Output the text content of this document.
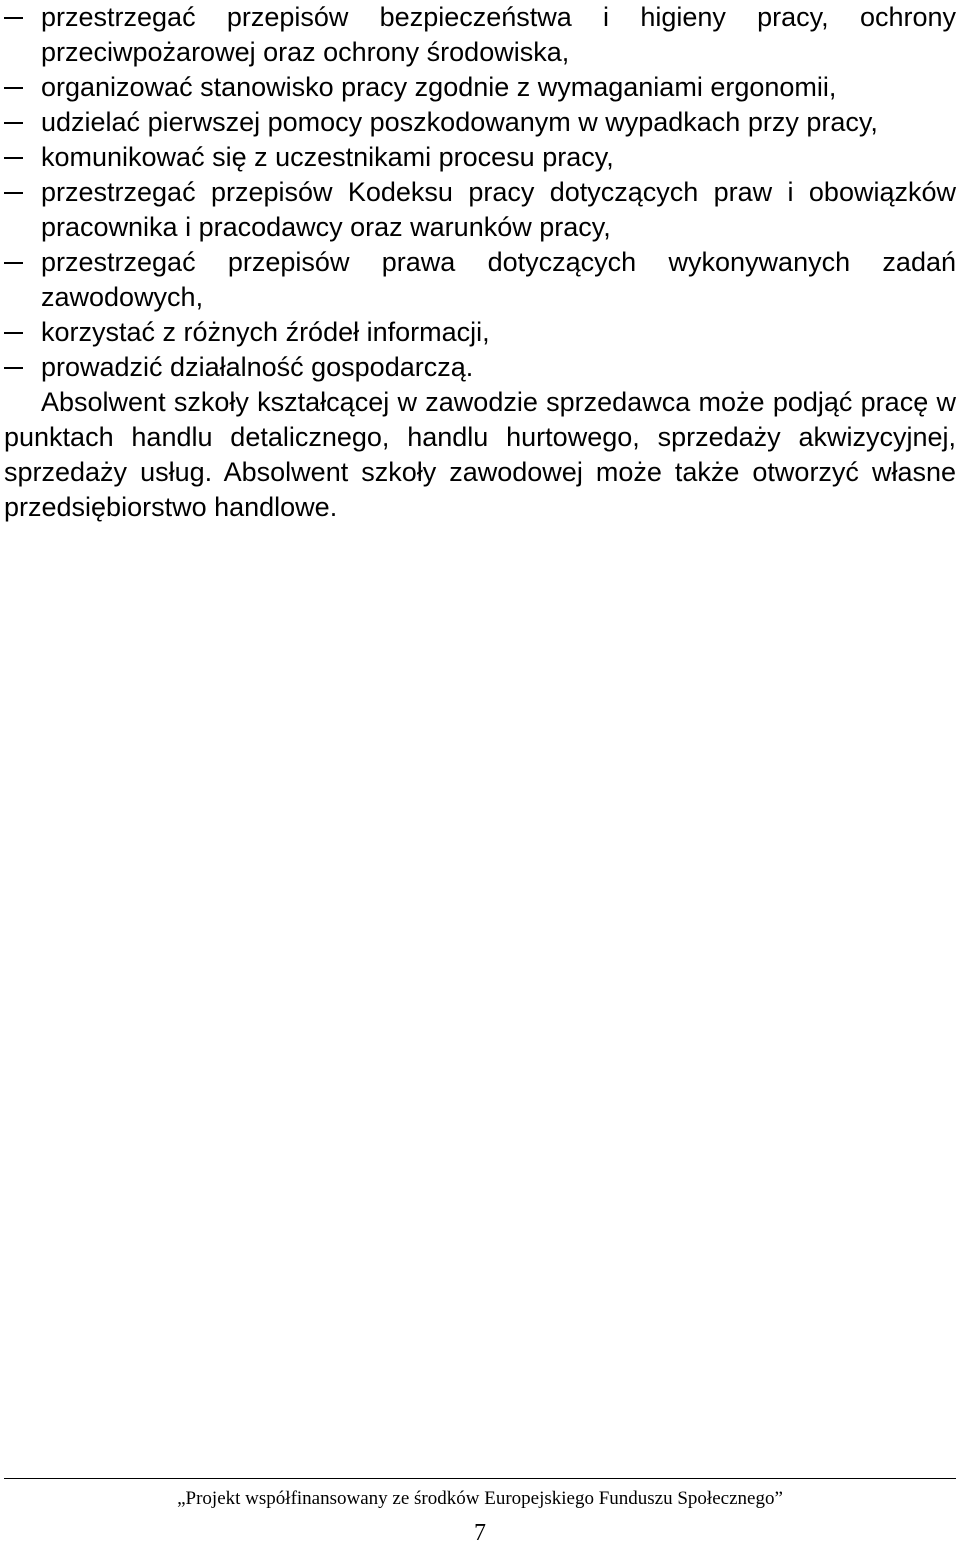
przestrzegać przepisów bezpieczeństwa i higieny pracy, ochrony przeciwpożarowej oraz ochrony środowiska,
organizować stanowisko pracy zgodnie z wymaganiami ergonomii,
udzielać pierwszej pomocy poszkodowanym w wypadkach przy pracy,
komunikować się z uczestnikami procesu pracy,
przestrzegać przepisów Kodeksu pracy dotyczących praw i obowiązków pracownika i pracodawcy oraz warunków pracy,
przestrzegać przepisów prawa dotyczących wykonywanych zadań zawodowych,
korzystać z różnych źródeł informacji,
prowadzić działalność gospodarczą.

Absolwent szkoły kształcącej w zawodzie sprzedawca może podjąć pracę w punktach handlu detalicznego, handlu hurtowego, sprzedaży akwizycyjnej, sprzedaży usług. Absolwent szkoły zawodowej może także otworzyć własne przedsiębiorstwo handlowe.

„Projekt współfinansowany ze środków Europejskiego Funduszu Społecznego”
7
